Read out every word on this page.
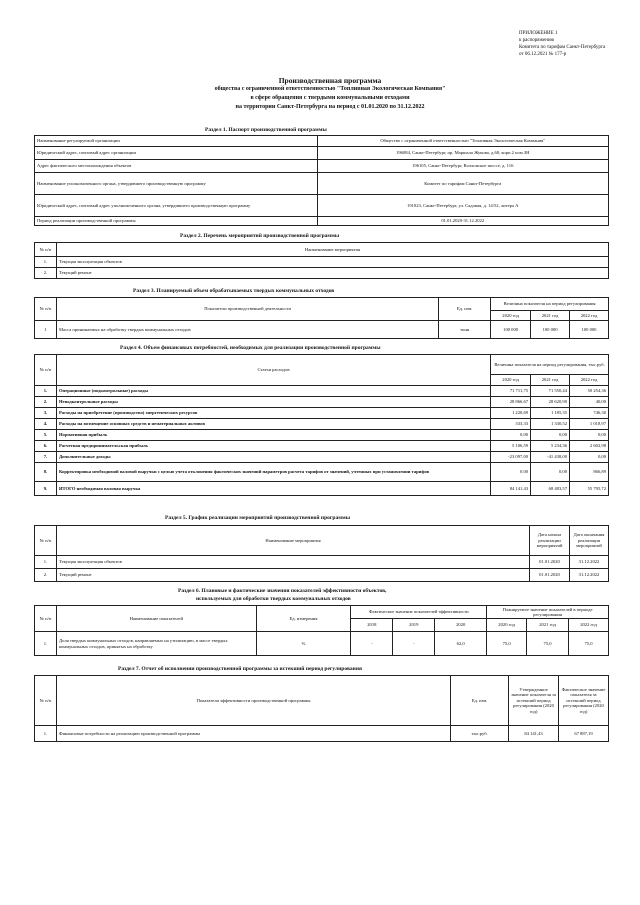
ПРИЛОЖЕНИЕ 1
к распоряжению
Комитета по тарифам Санкт-Петербурга
от 06.12.2021 № 177-р
Производственная программа
общества с ограниченной ответственностью "Топливная Экологическая Компания"
в сфере обращения с твердыми коммунальными отходами
на территории Санкт-Петербурга на период с 01.01.2020 по 31.12.2022
Раздел 1. Паспорт производственной программы
Наименование регулируемой организации	Общество с ограниченной ответственностью "Топливная Экологическая Компания"
Юридический адрес, почтовый адрес организации	196084, Санкт-Петербург, пр. Маршала Жукова, д.68, корп.2 пом.3Н
Адрес фактического местонахождения объектов	196105, Санкт-Петербург, Волхонское шоссе, д. 116
Наименование уполномоченного органа, утвердившего производственную программу	Комитет по тарифам Санкт-Петербурга
Юридический адрес, почтовый адрес уполномоченного органа, утвердившего производственную программу	191023, Санкт-Петербург, ул. Садовая, д. 14/52, литера А
Период реализации производственной программы	01.01.2020-31.12.2022
Раздел 2. Перечень мероприятий производственной программы
№ п/п	Наименование мероприятия
1.	Текущая эксплуатация объектов
2.	Текущий ремонт
Раздел 3. Планируемый объем обрабатываемых твердых коммунальных отходов
№ п/п	Показатели производственной деятельности	Ед. изм.	Величина показателя на период регулирования		
			2020 год	2021 год	2022 год
1	Масса принимаемых на обработку твердых коммунальных отходов	тонн	100 000	100 000	100 000
Раздел 4. Объем финансовых потребностей, необходимых для реализации производственной программы
№ п/п	Статьи расходов	Величина показателя на период регулирования, тыс.руб.		
		2020 год	2021 год	2022 год
1.	Операционные (подконтрольные) расходы	71 711,75	71 550,44	50 254,36
2.	Неподконтрольные расходы	28 866,67	28 620,90	40,00
3.	Расходы на приобретение (производство) энергетических ресурсов	1 220,69	1 185,35	746,30
4.	Расходы на возмещение основных средств и нематериальных активов	333,33	1 330,52	1 018,97
5.	Нормативная прибыль	0,00	0,00	0,00
6.	Расчетная предпринимательская прибыль	5 106,59	5 234,36	2 602,98
7.	Дополнительные доходы	-23 097,00	-41 438,00	0,00
8.	Корректировка необходимой валовой выручки с целью учета отклонения фактических значений параметров расчета тарифов от значений, учтенных при установлении тарифов	0,00	0,00	866,89
9.	ИТОГО необходимая валовая выручка	84 141,43	68 483,57	55 795,72
Раздел 5. График реализации мероприятий производственной программы
№ п/п	Наименование мероприятия	Дата начала реализации мероприятий	Дата окончания реализации мероприятий
1.	Текущая эксплуатация объектов	01.01.2020	31.12.2022
2.	Текущий ремонт	01.01.2020	31.12.2022
Раздел 6. Плановые и фактические значения показателей эффективности объектов,
используемых для обработки твердых коммунальных отходов
№ п/п	Наименование показателей	Ед. измерения	Фактическое значение показателей эффективности			Планируемое значение показателей в периоде регулирования		
			2018	2019	2020	2020 год	2021 год	2022 год
1.	Доля твердых коммунальных отходов, направляемых на утилизацию, в массе твердых коммунальных отходов, принятых на обработку	%	-	-	62,0	75,0	75,0	75,0
Раздел 7. Отчет об исполнении производственной программы за истекший период регулирования
№ п/п	Показатели эффективности производственной программы	Ед. изм.	Утвержденное значение показателя за истекший период регулирования (2020 год)	Фактическое значение показателя за истекший период регулирования (2020 год)
1.	Финансовые потребности на реализацию производственной программы	тыс.руб.	84 141,43	67 887,19
